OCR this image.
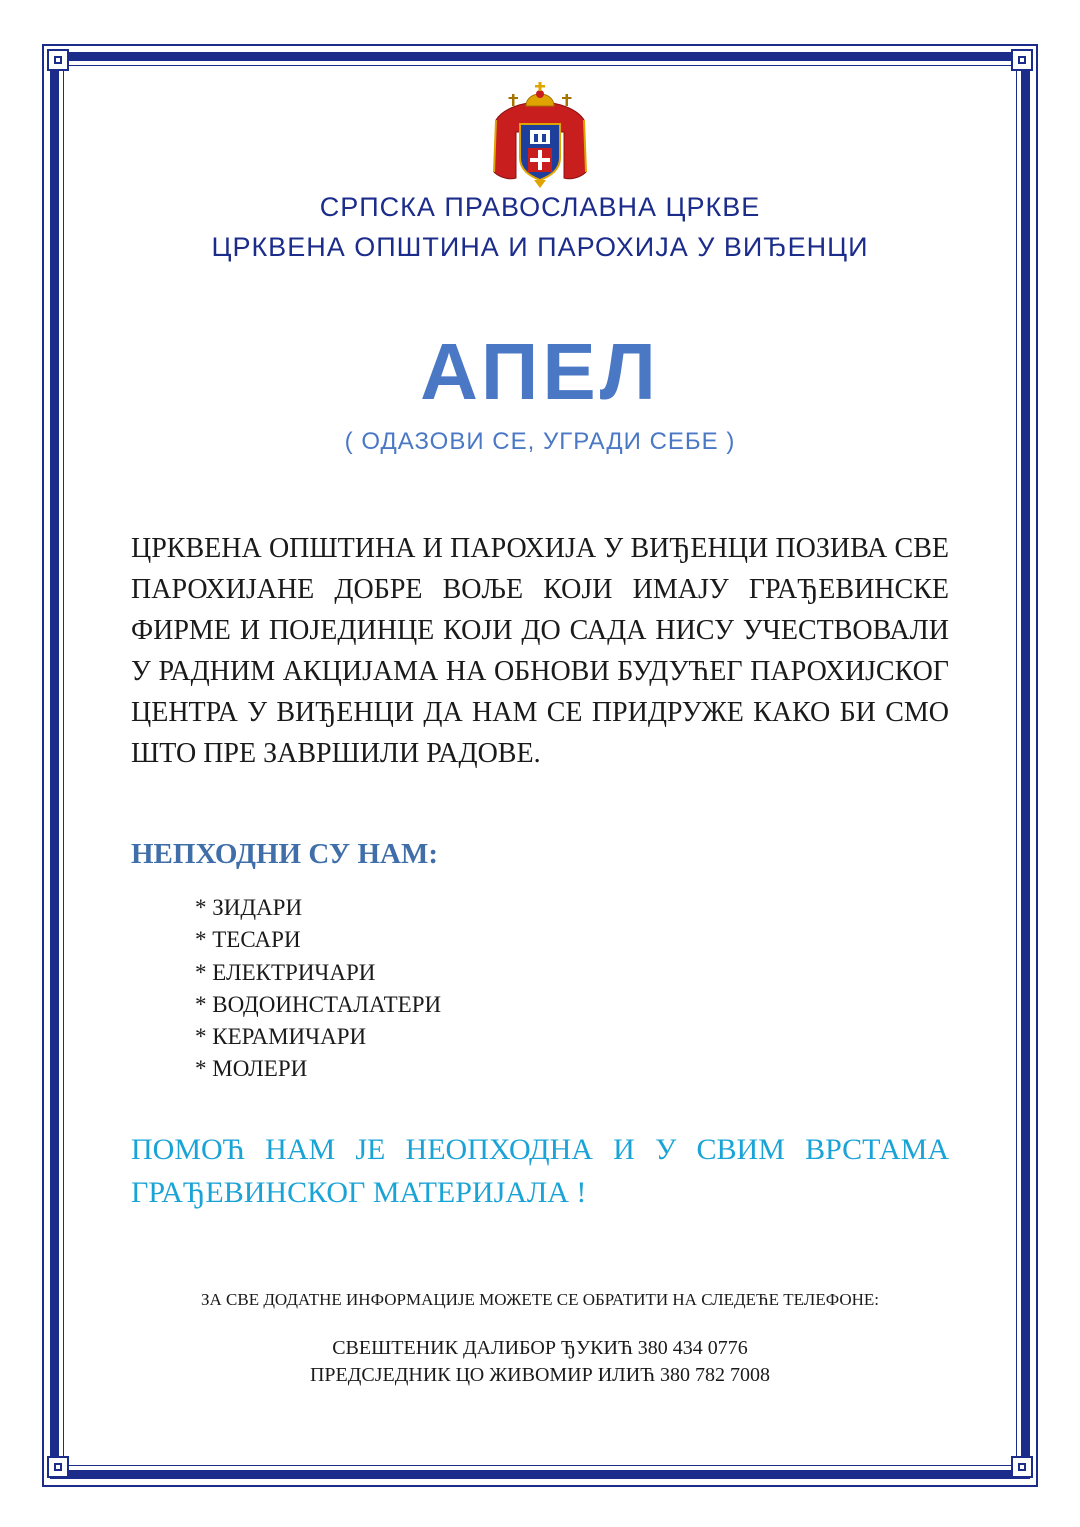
СРПСКА ПРАВОСЛАВНА ЦРКВЕ
ЦРКВЕНА ОПШТИНА И ПАРОХИЈА У ВИЂЕНЦИ
АПЕЛ
( ОДАЗОВИ СЕ, УГРАДИ СЕБЕ )

ЦРКВЕНА ОПШТИНА И ПАРОХИЈА У ВИЂЕНЦИ ПОЗИВА СВЕ ПАРОХИЈАНЕ ДОБРЕ ВОЉЕ КОЈИ ИМАЈУ ГРАЂЕВИНСКЕ ФИРМЕ И ПОЈЕДИНЦЕ КОЈИ ДО САДА НИСУ УЧЕСТВОВАЛИ У РАДНИМ АКЦИЈАМА НА ОБНОВИ БУДУЋЕГ ПАРОХИЈСКОГ ЦЕНТРА У ВИЂЕНЦИ ДА НАМ СЕ ПРИДРУЖЕ КАКО БИ СМО ШТО ПРЕ ЗАВРШИЛИ РАДОВЕ.

НЕПХОДНИ СУ НАМ:
* ЗИДАРИ
* ТЕСАРИ
* ЕЛЕКТРИЧАРИ
* ВОДОИНСТАЛАТЕРИ
* КЕРАМИЧАРИ
* МОЛЕРИ

ПОМОЋ НАМ ЈЕ НЕОПХОДНА И У СВИМ ВРСТАМА ГРАЂЕВИНСКОГ МАТЕРИЈАЛА !

ЗА СВЕ ДОДАТНЕ ИНФОРМАЦИЈЕ МОЖЕТЕ СЕ ОБРАТИТИ НА СЛЕДЕЋЕ ТЕЛЕФОНЕ:
СВЕШТЕНИК ДАЛИБОР ЂУКИЋ 380 434 0776
ПРЕДСЈЕДНИК ЦО ЖИВОМИР ИЛИЋ 380 782 7008
